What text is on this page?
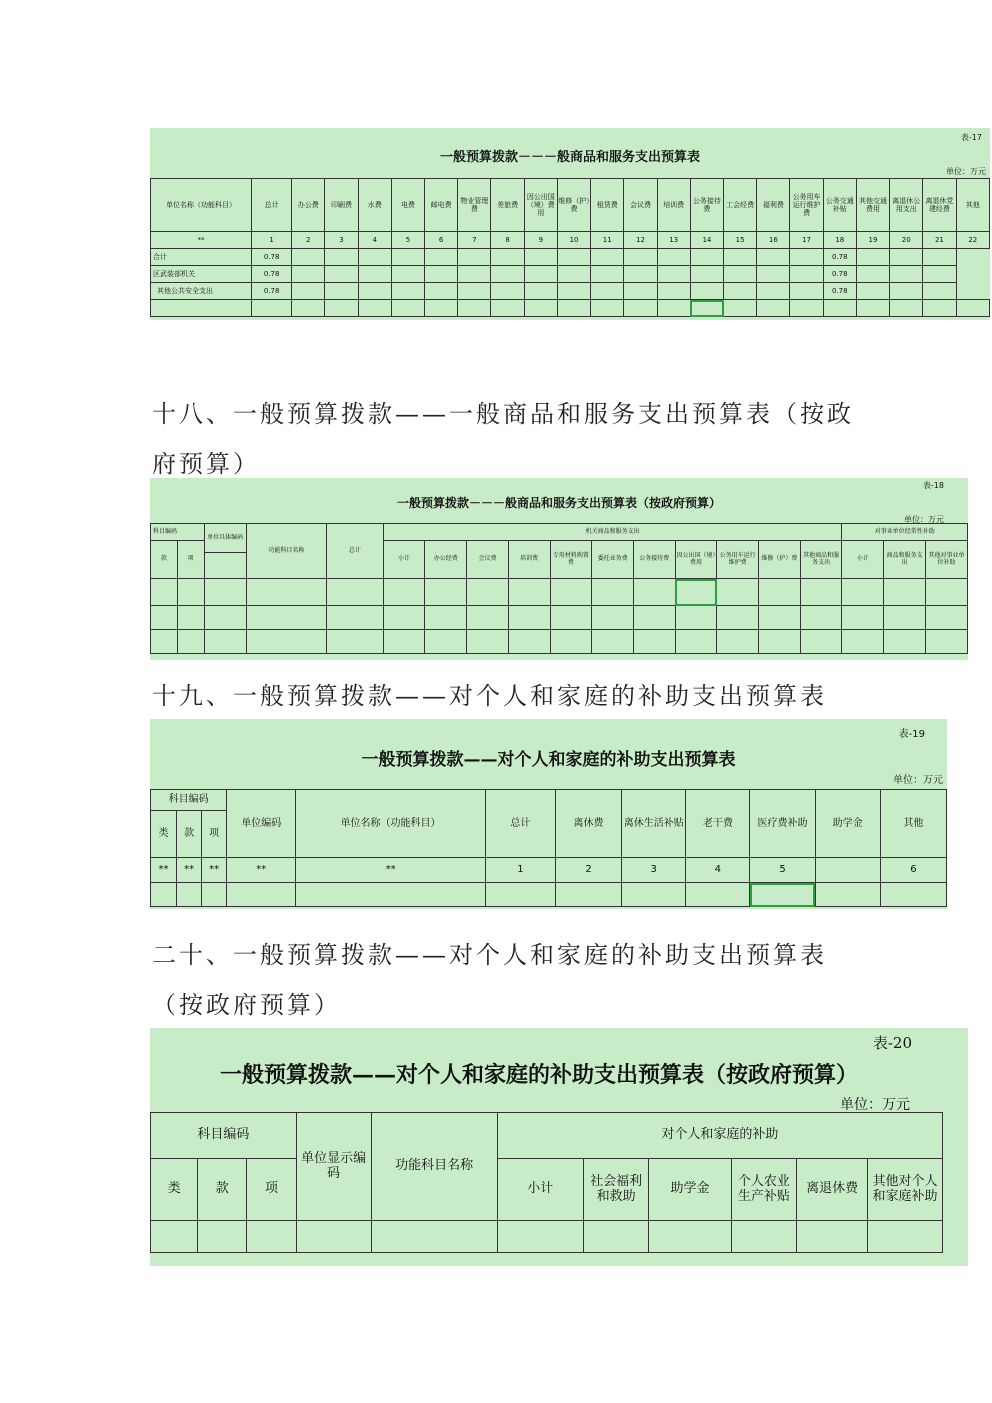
表-17
一般预算拨款－－－般商品和服务支出预算表
单位：万元
单位名称（功能科目）	总计	办公费	印刷费	水费	电费	邮电费	物业管理费	差旅费	因公出国（境）费用	维修（护）费	租赁费	会议费	培训费	公务接待费	工会经费	福利费	公务用车运行维护费	公务交通补贴	其他交通费用	离退休公用支出	离退休党建经费	其他
**	1	2	3	4	5	6	7	8	9	10	11	12	13	14	15	16	17	18	19	20	21	22
合计	0.78																	0.78				
区武装部机关	0.78																	0.78				
其他公共安全支出	0.78																	0.78				

十八、一般预算拨款——一般商品和服务支出预算表（按政
府预算）
表-18
一般预算拨款－－－般商品和服务支出预算表（按政府预算）
单位：万元
科目编码		单位具体编码	功能科目名称	总计	机关商品和服务支出											对事业单位经常性补助		
款	项				小计	办公经费	会议费	培训费	专用材料购置费	委托业务费	公务接待费	因公出国（境）费用	公务用车运行维护费	维修（护）费	其他商品和服务支出	小计	商品和服务支出	其他对事业单位补助

十九、一般预算拨款——对个人和家庭的补助支出预算表
表-19
一般预算拨款——对个人和家庭的补助支出预算表
单位：万元
科目编码			单位编码	单位名称（功能科目）	总计	离休费	离休生活补贴	老干费	医疗费补助	助学金	其他
类	款	项									
**	**	**	**	**	1	2	3	4	5		6

二十、一般预算拨款——对个人和家庭的补助支出预算表
（按政府预算）
表-20
一般预算拨款——对个人和家庭的补助支出预算表（按政府预算）
单位：万元
科目编码			单位显示编码	功能科目名称	对个人和家庭的补助					
类	款	项			小计	社会福利和救助	助学金	个人农业生产补贴	离退休费	其他对个人和家庭补助
